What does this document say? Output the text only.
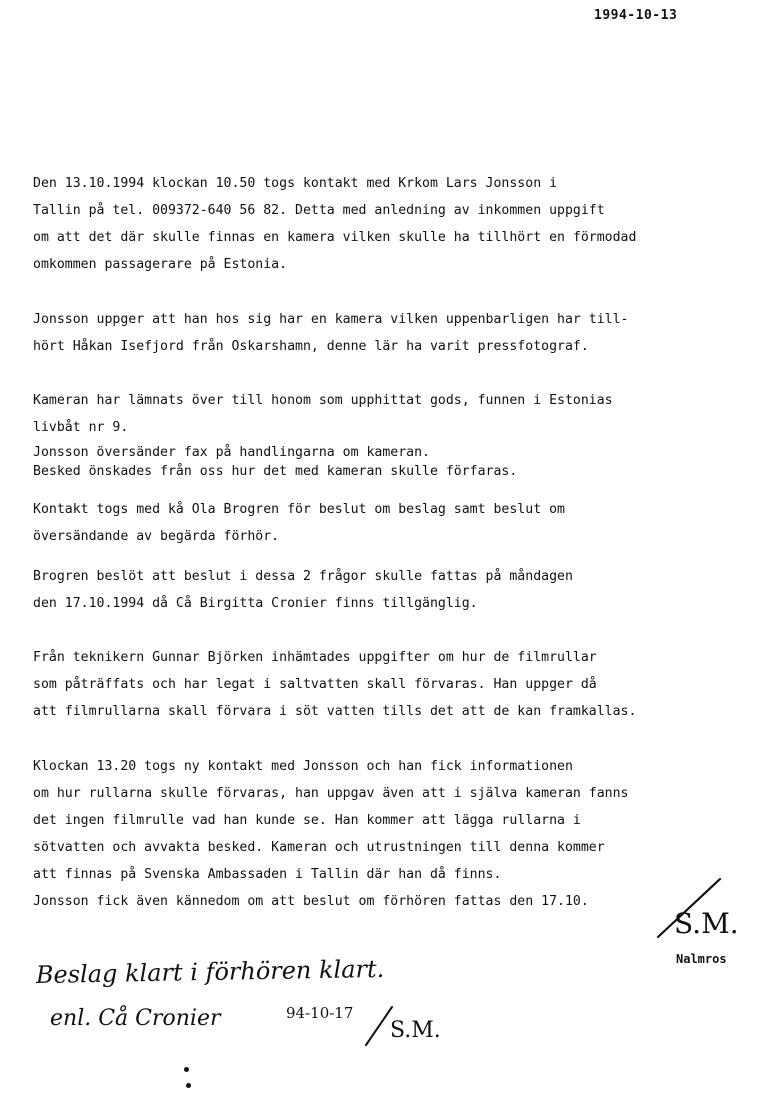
1994-10-13
Den 13.10.1994 klockan 10.50 togs kontakt med Krkom Lars Jonsson i
Tallin på tel. 009372-640 56 82. Detta med anledning av inkommen uppgift
om att det där skulle finnas en kamera vilken skulle ha tillhört en förmodad
omkommen passagerare på Estonia.
Jonsson uppger att han hos sig har en kamera vilken uppenbarligen har till-
hört Håkan Isefjord från Oskarshamn, denne lär ha varit pressfotograf.
Kameran har lämnats över till honom som upphittat gods, funnen i Estonias
livbåt nr 9.
Jonsson översänder fax på handlingarna om kameran.
Besked önskades från oss hur det med kameran skulle förfaras.
Kontakt togs med kå Ola Brogren för beslut om beslag samt beslut om
översändande av begärda förhör.
Brogren beslöt att beslut i dessa 2 frågor skulle fattas på måndagen
den 17.10.1994 då Cå Birgitta Cronier finns tillgänglig.
Från teknikern Gunnar Björken inhämtades uppgifter om hur de filmrullar
som påträffats och har legat i saltvatten skall förvaras. Han uppger då
att filmrullarna skall förvara i söt vatten tills det att de kan framkallas.
Klockan 13.20 togs ny kontakt med Jonsson och han fick informationen
om hur rullarna skulle förvaras, han uppgav även att i själva kameran fanns
det ingen filmrulle vad han kunde se. Han kommer att lägga rullarna i
sötvatten och avvakta besked. Kameran och utrustningen till denna kommer
att finnas på Svenska Ambassaden i Tallin där han då finns.
Jonsson fick även kännedom om att beslut om förhören fattas den 17.10.
S.M.
Nalmros
Beslag klart i förhören klart.
enl. Cå Cronier	94-10-17
S.M.
